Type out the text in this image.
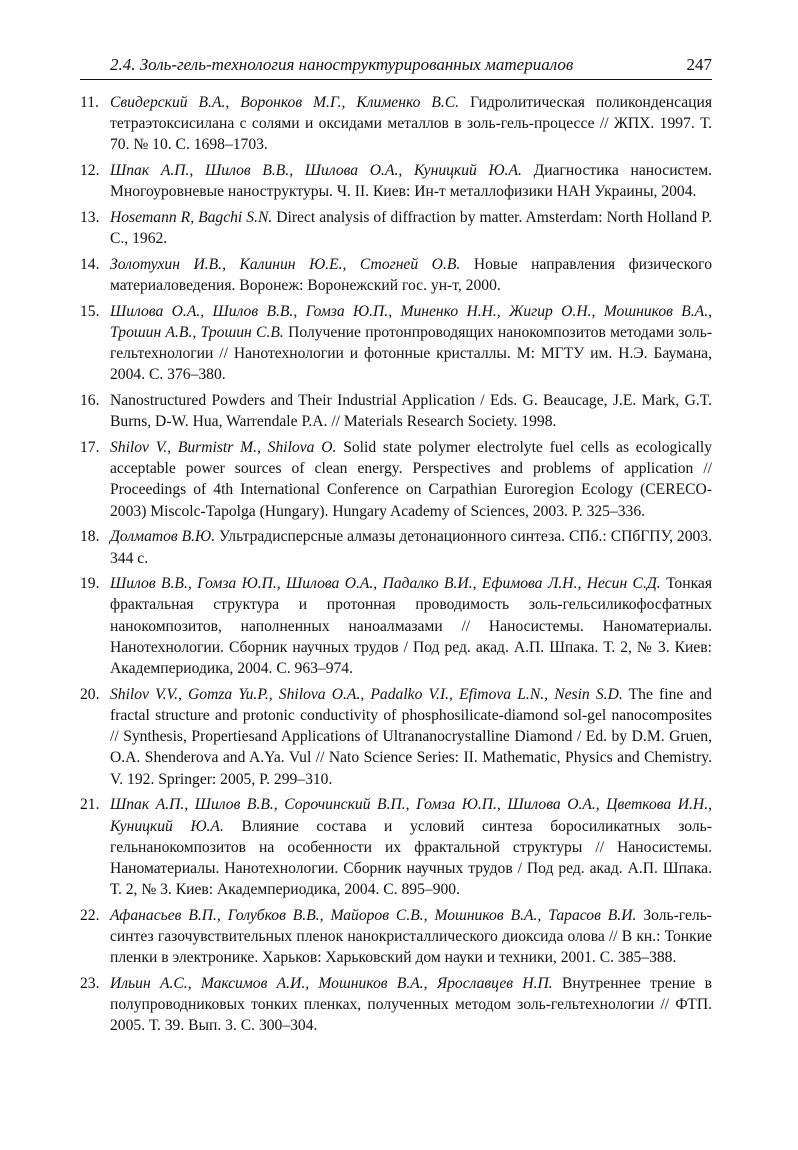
2.4. Золь-гель-технология наноструктурированных материалов	247
11. Свидерский В.А., Воронков М.Г., Клименко В.С. Гидролитическая поликонденсация тетраэтоксисилана с солями и оксидами металлов в золь-гель-процессе // ЖПХ. 1997. Т. 70. № 10. С. 1698–1703.
12. Шпак А.П., Шилов В.В., Шилова О.А., Куницкий Ю.А. Диагностика наносистем. Многоуровневые наноструктуры. Ч. II. Киев: Ин-т металлофизики НАН Украины, 2004.
13. Hosemann R, Bagchi S.N. Direct analysis of diffraction by matter. Amsterdam: North Holland P. C., 1962.
14. Золотухин И.В., Калинин Ю.Е., Стогней О.В. Новые направления физического материаловедения. Воронеж: Воронежский гос. ун-т, 2000.
15. Шилова О.А., Шилов В.В., Гомза Ю.П., Миненко Н.Н., Жигир О.Н., Мошников В.А., Трошин А.В., Трошин С.В. Получение протонпроводящих нанокомпозитов методами золь-гельтехнологии // Нанотехнологии и фотонные кристаллы. М: МГТУ им. Н.Э. Баумана, 2004. С. 376–380.
16. Nanostructured Powders and Their Industrial Application / Eds. G. Beaucage, J.E. Mark, G.T. Burns, D-W. Hua, Warrendale P.A. // Materials Research Society. 1998.
17. Shilov V., Burmistr M., Shilova O. Solid state polymer electrolyte fuel cells as ecologically acceptable power sources of clean energy. Perspectives and problems of application // Proceedings of 4th International Conference on Carpathian Euroregion Ecology (CERECO-2003) Miscolc-Tapolga (Hungary). Hungary Academy of Sciences, 2003. P. 325–336.
18. Долматов В.Ю. Ультрадисперсные алмазы детонационного синтеза. СПб.: СПбГПУ, 2003. 344 с.
19. Шилов В.В., Гомза Ю.П., Шилова О.А., Падалко В.И., Ефимова Л.Н., Несин С.Д. Тонкая фрактальная структура и протонная проводимость золь-гельсиликофосфатных нанокомпозитов, наполненных наноалмазами // Наносистемы. Наноматериалы. Нанотехнологии. Сборник научных трудов / Под ред. акад. А.П. Шпака. Т. 2, № 3. Киев: Академпериодика, 2004. С. 963–974.
20. Shilov V.V., Gomza Yu.P., Shilova O.A., Padalko V.I., Efimova L.N., Nesin S.D. The fine and fractal structure and protonic conductivity of phosphosilicate-diamond sol-gel nanocomposites // Synthesis, Propertiesand Applications of Ultrananocrystalline Diamond / Ed. by D.M. Gruen, O.A. Shenderova and A.Ya. Vul // Nato Science Series: II. Mathematic, Physics and Chemistry. V. 192. Springer: 2005, P. 299–310.
21. Шпак А.П., Шилов В.В., Сорочинский В.П., Гомза Ю.П., Шилова О.А., Цветкова И.Н., Куницкий Ю.А. Влияние состава и условий синтеза боросиликатных золь-гельнанокомпозитов на особенности их фрактальной структуры // Наносистемы. Наноматериалы. Нанотехнологии. Сборник научных трудов / Под ред. акад. А.П. Шпака. Т. 2, № 3. Киев: Академпериодика, 2004. С. 895–900.
22. Афанасьев В.П., Голубков В.В., Майоров С.В., Мошников В.А., Тарасов В.И. Золь-гель-синтез газочувствительных пленок нанокристаллического диоксида олова // В кн.: Тонкие пленки в электронике. Харьков: Харьковский дом науки и техники, 2001. С. 385–388.
23. Ильин А.С., Максимов А.И., Мошников В.А., Ярославцев Н.П. Внутреннее трение в полупроводниковых тонких пленках, полученных методом золь-гельтехнологии // ФТП. 2005. Т. 39. Вып. 3. С. 300–304.
